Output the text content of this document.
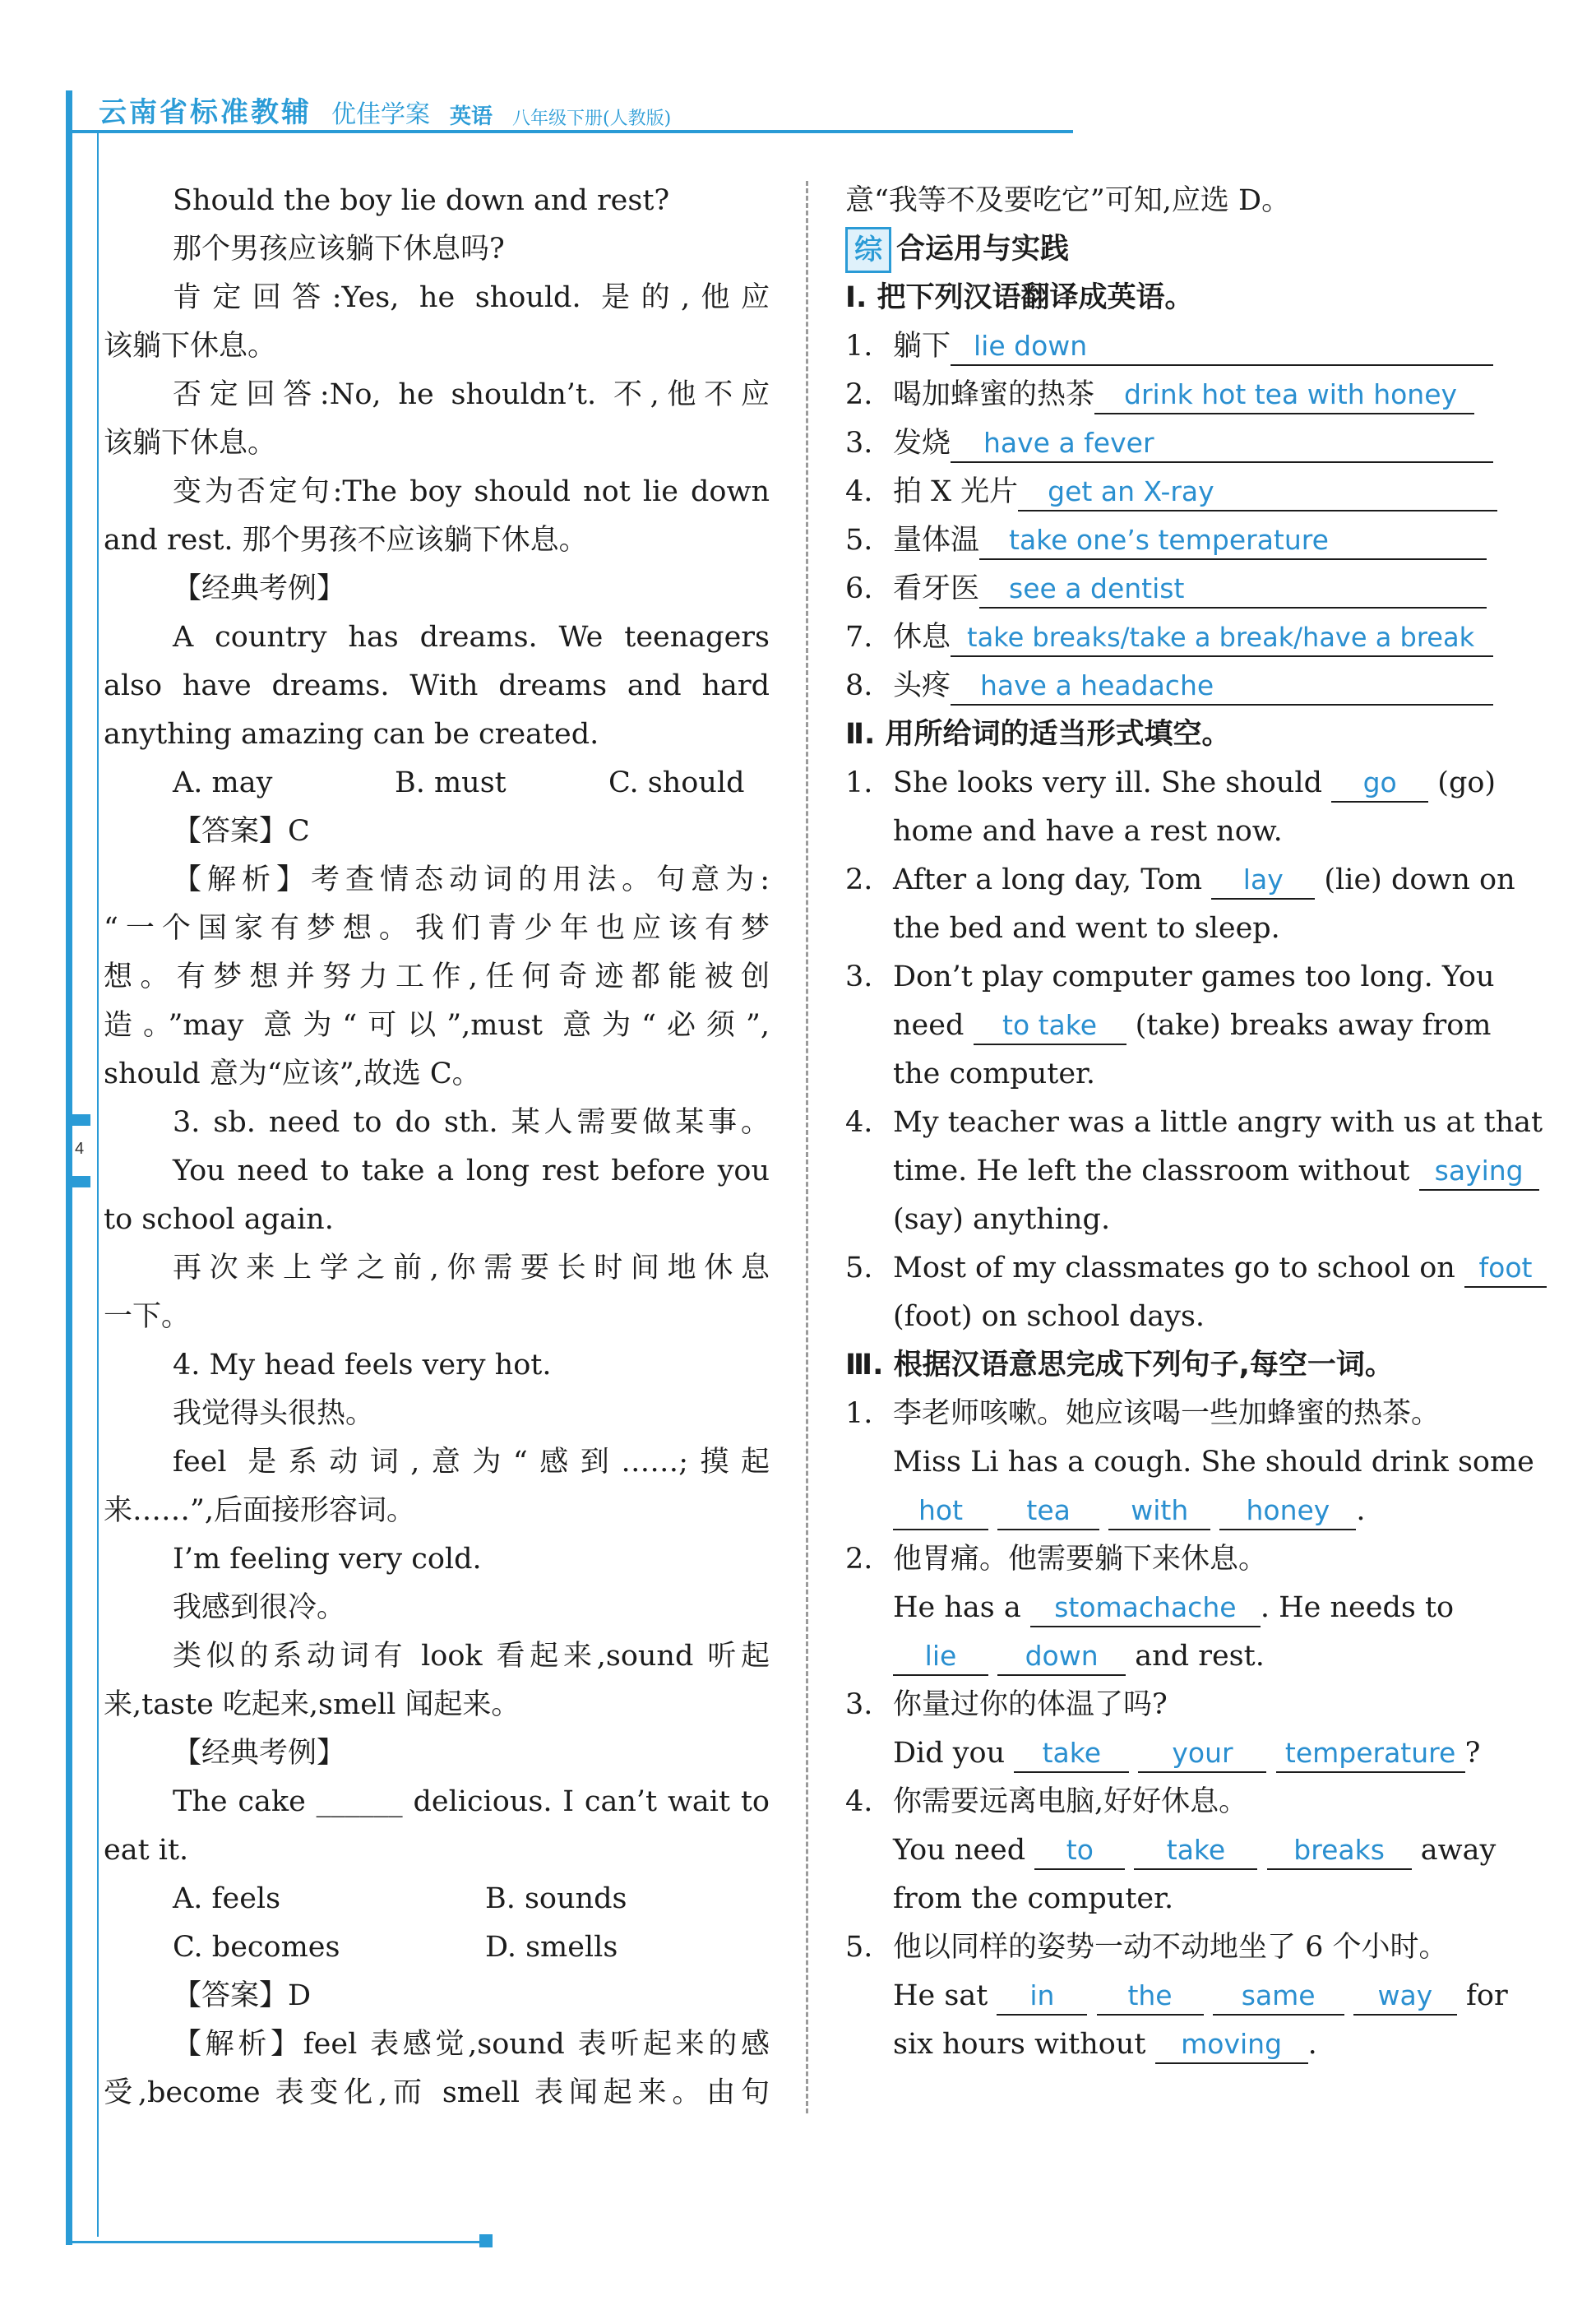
4
云南省标准教辅 优佳学案 英语 八年级下册(人教版)
Should the boy lie down and rest?
那个男孩应该躺下休息吗?
肯定回答:Yes, he should. 是的,他应
该躺下休息。
否定回答:No, he shouldn’t. 不,他不应
该躺下休息。
变为否定句:The boy should not lie down
and rest. 那个男孩不应该躺下休息。
【经典考例】
A country has dreams. We teenagers
also have dreams. With dreams and hard
anything amazing can be created.
A. may	B. must	C. should
【答案】C
【解析】考查情态动词的用法。句意为:
“一个国家有梦想。我们青少年也应该有梦
想。有梦想并努力工作,任何奇迹都能被创
造。”may 意为“可以”,must 意为“必须”,
should 意为“应该”,故选 C。
3. sb. need to do sth. 某人需要做某事。
You need to take a long rest before you
to school again.
再次来上学之前,你需要长时间地休息
一下。
4. My head feels very hot.
我觉得头很热。
feel 是系动词,意为“感到……;摸起
来……”,后面接形容词。
I’m feeling very cold.
我感到很冷。
类似的系动词有 look 看起来,sound 听起
来,taste 吃起来,smell 闻起来。
【经典考例】
The cake ______ delicious. I can’t wait to
eat it.
A. feels	B. sounds
C. becomes	D. smells
【答案】D
【解析】feel 表感觉,sound 表听起来的感
受,become 表变化,而 smell 表闻起来。由句
意“我等不及要吃它”可知,应选 D。
综 合运用与实践
Ⅰ. 把下列汉语翻译成英语。
1. 躺下 lie down
2. 喝加蜂蜜的热茶 drink hot tea with honey
3. 发烧 have a fever
4. 拍 X 光片 get an X-ray
5. 量体温 take one’s temperature
6. 看牙医 see a dentist
7. 休息 take breaks/take a break/have a break
8. 头疼 have a headache
Ⅱ. 用所给词的适当形式填空。
1. She looks very ill. She should go (go)
home and have a rest now.
2. After a long day, Tom lay (lie) down on
the bed and went to sleep.
3. Don’t play computer games too long. You
need to take (take) breaks away from
the computer.
4. My teacher was a little angry with us at that
time. He left the classroom without saying
(say) anything.
5. Most of my classmates go to school on foot
(foot) on school days.
Ⅲ. 根据汉语意思完成下列句子,每空一词。
1. 李老师咳嗽。她应该喝一些加蜂蜜的热茶。
Miss Li has a cough. She should drink some
hot tea with honey .
2. 他胃痛。他需要躺下来休息。
He has a stomachache . He needs to
lie	down and rest.
3. 你量过你的体温了吗?
Did you take	your temperature ?
4. 你需要远离电脑,好好休息。
You need to	take	breaks away
from the computer.
5. 他以同样的姿势一动不动地坐了 6 个小时。
He sat in	the	same way for
six hours without moving .
